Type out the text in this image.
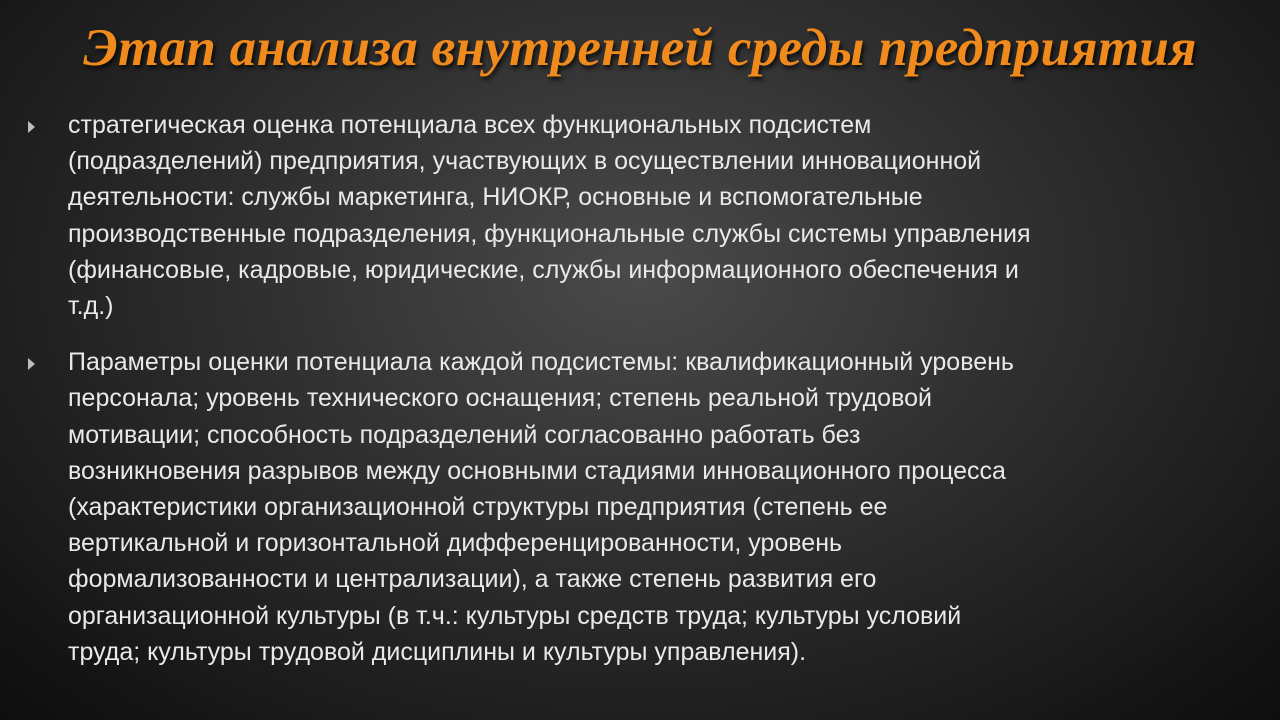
Этап анализа внутренней среды предприятия
стратегическая оценка потенциала всех функциональных подсистем
(подразделений) предприятия, участвующих в осуществлении инновационной
деятельности: службы маркетинга, НИОКР, основные и вспомогательные
производственные подразделения, функциональные службы системы управления
(финансовые, кадровые, юридические, службы информационного обеспечения и
т.д.)
Параметры оценки потенциала каждой подсистемы: квалификационный уровень
персонала; уровень технического оснащения; степень реальной трудовой
мотивации; способность подразделений согласованно работать без
возникновения разрывов между основными стадиями инновационного процесса
(характеристики организационной структуры предприятия (степень ее
вертикальной и горизонтальной дифференцированности, уровень
формализованности и централизации), а также степень развития его
организационной культуры (в т.ч.: культуры средств труда; культуры условий
труда; культуры трудовой дисциплины и культуры управления).
